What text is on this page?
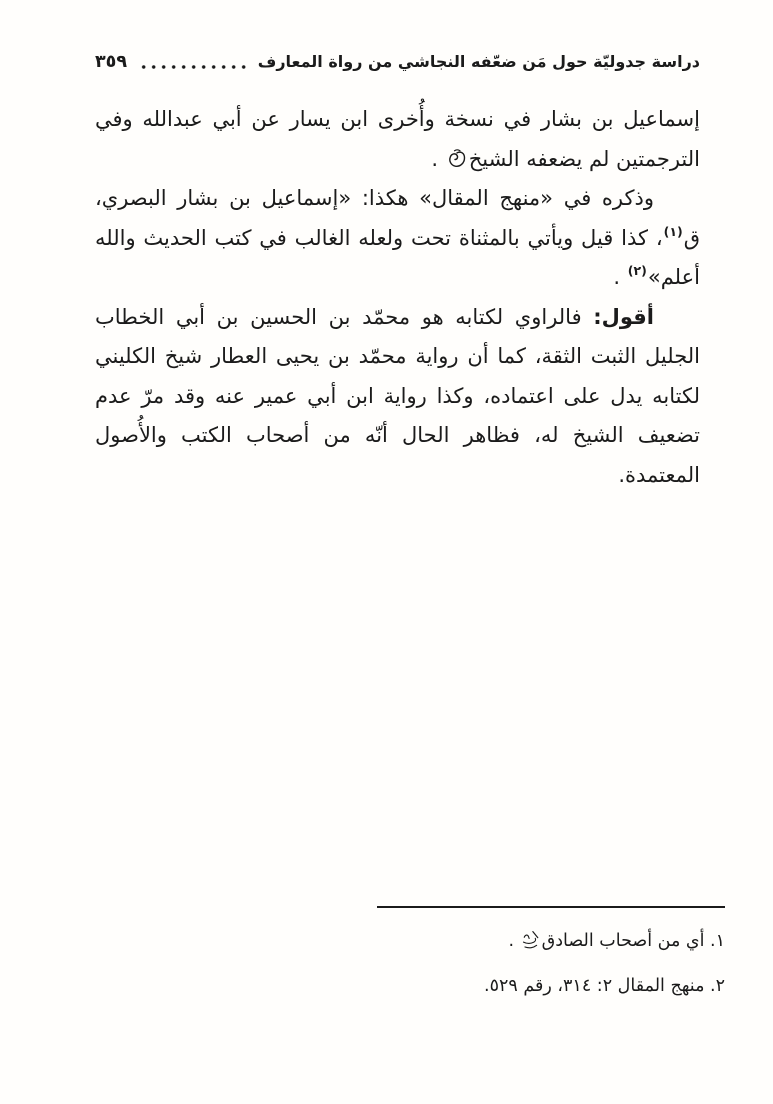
دراسة جدوليّة حول مَن ضعّفه النجاشي من رواة المعارف
٣٥٩

إسماعيل بن بشار في نسخة وأُخرى ابن يسار عن أبي عبدالله وفي الترجمتين لم يضعفه الشيخ
.

وذكره في «منهج المقال» هكذا: «إسماعيل بن بشار البصري، ق$^{(١)}$، كذا قيل ويأتي بالمثناة تحت ولعله الغالب في كتب الحديث والله أعلم»$^{(٢)}$ .

أقول: فالراوي لكتابه هو محمّد بن الحسين بن أبي الخطاب الجليل الثبت الثقة، كما أن رواية محمّد بن يحيى العطار شيخ الكليني لكتابه يدل على اعتماده، وكذا رواية ابن أبي عمير عنه وقد مرّ عدم تضعيف الشيخ له، فظاهر الحال أنّه من أصحاب الكتب والأُصول المعتمدة.

١. أي من أصحاب الصادق
.

٢. منهج المقال ٢: ٣١٤، رقم ٥٢٩.
